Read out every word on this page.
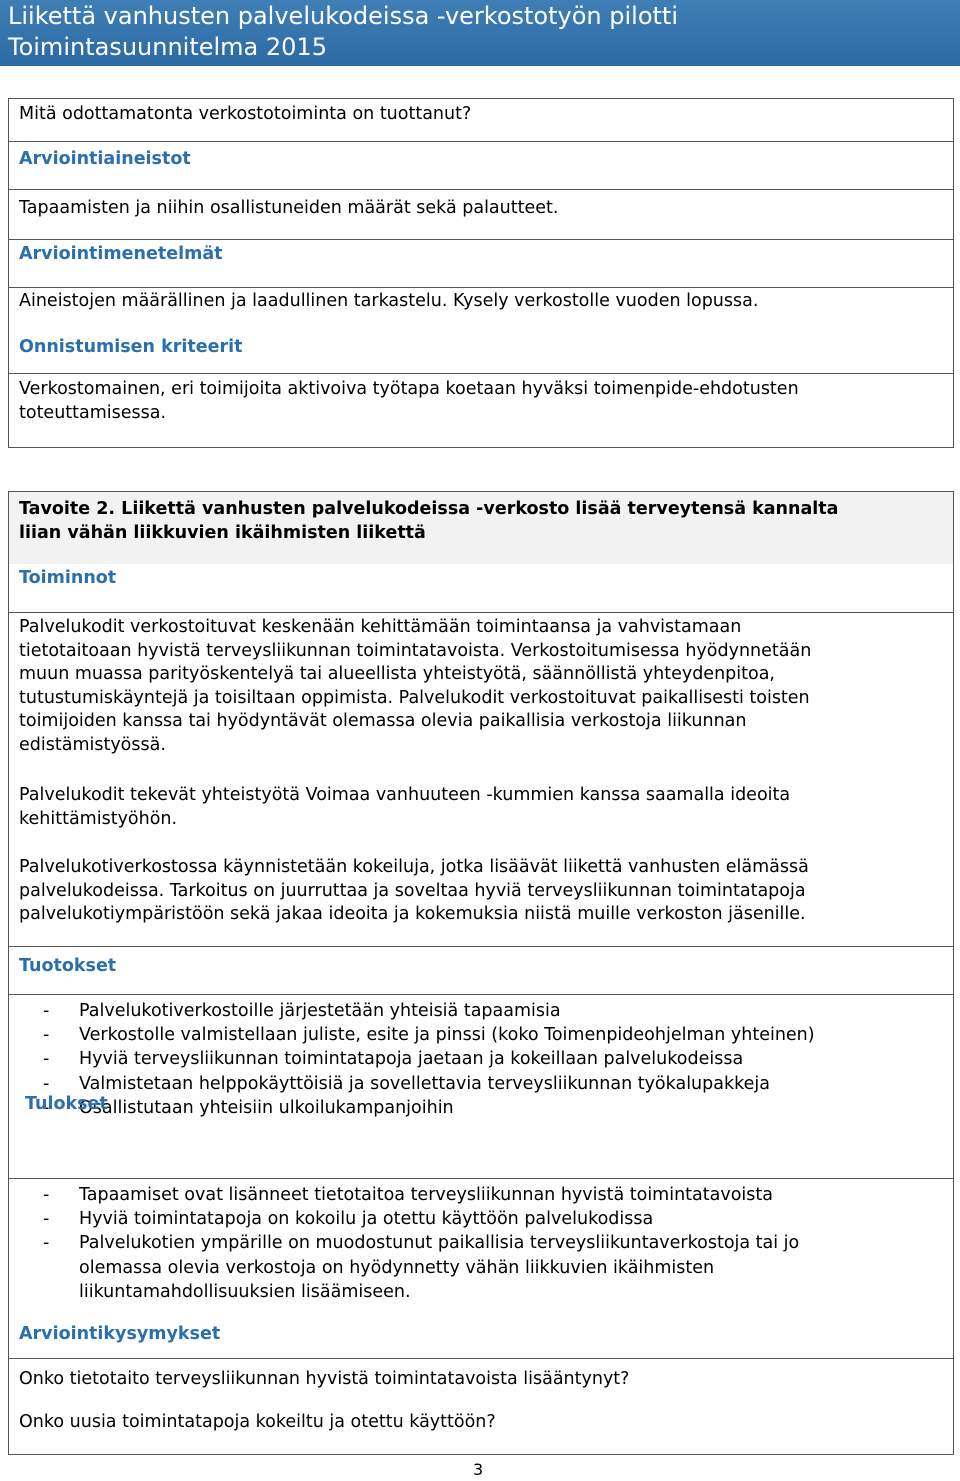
Liikettä vanhusten palvelukodeissa -verkostotyön pilotti
Toimintasuunnitelma 2015
Mitä odottamatonta verkostotoiminta on tuottanut?
Arviointiaineistot
Tapaamisten ja niihin osallistuneiden määrät sekä palautteet.
Arviointimenetelmät
Aineistojen määrällinen ja laadullinen tarkastelu. Kysely verkostolle vuoden lopussa.
Onnistumisen kriteerit
Verkostomainen, eri toimijoita aktivoiva työtapa koetaan hyväksi toimenpide-ehdotusten
toteuttamisessa.
Tavoite 2. Liikettä vanhusten palvelukodeissa -verkosto lisää terveytensä kannalta
liian vähän liikkuvien ikäihmisten liikettä
Toiminnot
Palvelukodit verkostoituvat keskenään kehittämään toimintaansa ja vahvistamaan
tietotaitoaan hyvistä terveysliikunnan toimintatavoista. Verkostoitumisessa hyödynnetään
muun muassa parityöskentelyä tai alueellista yhteistyötä, säännöllistä yhteydenpitoa,
tutustumiskäyntejä ja toisiltaan oppimista. Palvelukodit verkostoituvat paikallisesti toisten
toimijoiden kanssa tai hyödyntävät olemassa olevia paikallisia verkostoja liikunnan
edistämistyössä.
Palvelukodit tekevät yhteistyötä Voimaa vanhuuteen -kummien kanssa saamalla ideoita
kehittämistyöhön.
Palvelukotiverkostossa käynnistetään kokeiluja, jotka lisäävät liikettä vanhusten elämässä
palvelukodeissa. Tarkoitus on juurruttaa ja soveltaa hyviä terveysliikunnan toimintatapoja
palvelukotiympäristöön sekä jakaa ideoita ja kokemuksia niistä muille verkoston jäsenille.
Tuotokset
- Palvelukotiverkostoille järjestetään yhteisiä tapaamisia
- Verkostolle valmistellaan juliste, esite ja pinssi (koko Toimenpideohjelman yhteinen)
- Hyviä terveysliikunnan toimintatapoja jaetaan ja kokeillaan palvelukodeissa
- Valmistetaan helppokäyttöisiä ja sovellettavia terveysliikunnan työkalupakkeja
- Osallistutaan yhteisiin ulkoilukampanjoihin
Tulokset
- Tapaamiset ovat lisänneet tietotaitoa terveysliikunnan hyvistä toimintatavoista
- Hyviä toimintatapoja on kokoilu ja otettu käyttöön palvelukodissa
- Palvelukotien ympärille on muodostunut paikallisia terveysliikuntaverkostoja tai jo
olemassa olevia verkostoja on hyödynnetty vähän liikkuvien ikäihmisten
liikuntamahdollisuuksien lisäämiseen.
Arviointikysymykset
Onko tietotaito terveysliikunnan hyvistä toimintatavoista lisääntynyt?
Onko uusia toimintatapoja kokeiltu ja otettu käyttöön?
3
